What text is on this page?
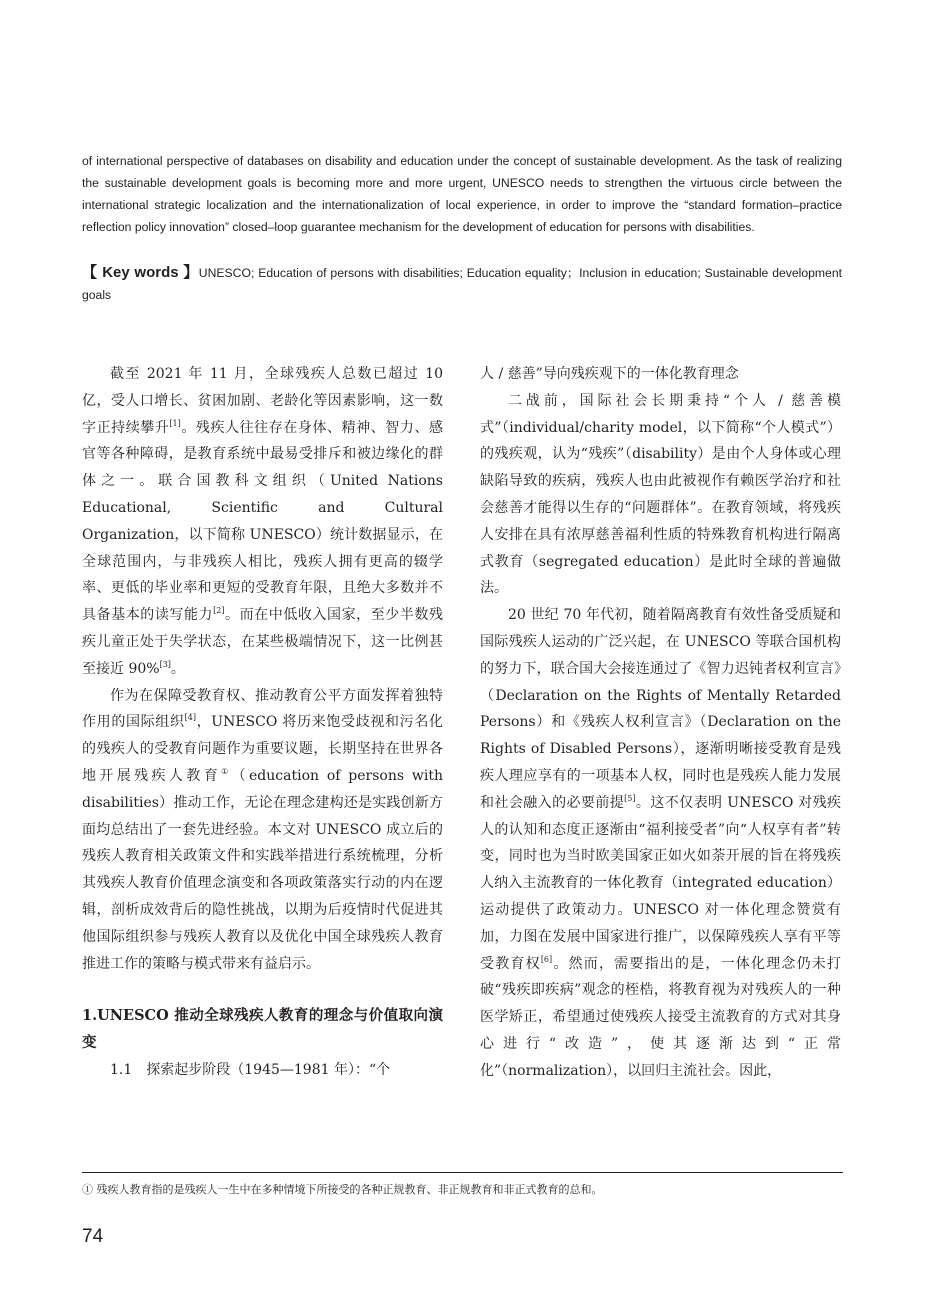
of international perspective of databases on disability and education under the concept of sustainable development. As the task of realizing the sustainable development goals is becoming more and more urgent, UNESCO needs to strengthen the virtuous circle between the international strategic localization and the internationalization of local experience, in order to improve the “standard formation–practice reflection policy innovation” closed–loop guarantee mechanism for the development of education for persons with disabilities.

【 Key words 】UNESCO; Education of persons with disabilities; Education equality；Inclusion in education; Sustainable development goals

截至 2021 年 11 月，全球残疾人总数已超过 10 亿，受人口增长、贫困加剧、老龄化等因素影响，这一数字正持续攀升[1]。残疾人往往存在身体、精神、智力、感官等各种障碍，是教育系统中最易受排斥和被边缘化的群体之一。联合国教科文组织（United Nations Educational, Scientific and Cultural Organization，以下简称 UNESCO）统计数据显示，在全球范围内，与非残疾人相比，残疾人拥有更高的辍学率、更低的毕业率和更短的受教育年限，且绝大多数并不具备基本的读写能力[2]。而在中低收入国家，至少半数残疾儿童正处于失学状态，在某些极端情况下，这一比例甚至接近 90%[3]。

作为在保障受教育权、推动教育公平方面发挥着独特作用的国际组织[4]，UNESCO 将历来饱受歧视和污名化的残疾人的受教育问题作为重要议题，长期坚持在世界各地开展残疾人教育①（education of persons with disabilities）推动工作，无论在理念建构还是实践创新方面均总结出了一套先进经验。本文对 UNESCO 成立后的残疾人教育相关政策文件和实践举措进行系统梳理，分析其残疾人教育价值理念演变和各项政策落实行动的内在逻辑，剖析成效背后的隐性挑战，以期为后疫情时代促进其他国际组织参与残疾人教育以及优化中国全球残疾人教育推进工作的策略与模式带来有益启示。

1.UNESCO 推动全球残疾人教育的理念与价值取向演变

1.1　探索起步阶段（1945—1981 年）：“个

人 / 慈善”导向残疾观下的一体化教育理念

二战前，国际社会长期秉持“个人 / 慈善模式”（individual/charity model，以下简称“个人模式”）的残疾观，认为“残疾”（disability）是由个人身体或心理缺陷导致的疾病，残疾人也由此被视作有赖医学治疗和社会慈善才能得以生存的“问题群体”。在教育领域，将残疾人安排在具有浓厚慈善福利性质的特殊教育机构进行隔离式教育（segregated education）是此时全球的普遍做法。

20 世纪 70 年代初，随着隔离教育有效性备受质疑和国际残疾人运动的广泛兴起，在 UNESCO 等联合国机构的努力下，联合国大会接连通过了《智力迟钝者权利宣言》（Declaration on the Rights of Mentally Retarded Persons）和《残疾人权利宣言》（Declaration on the Rights of Disabled Persons），逐渐明晰接受教育是残疾人理应享有的一项基本人权，同时也是残疾人能力发展和社会融入的必要前提[5]。这不仅表明 UNESCO 对残疾人的认知和态度正逐渐由“福利接受者”向“人权享有者”转变，同时也为当时欧美国家正如火如荼开展的旨在将残疾人纳入主流教育的一体化教育（integrated education）运动提供了政策动力。UNESCO 对一体化理念赞赏有加，力图在发展中国家进行推广，以保障残疾人享有平等受教育权[6]。然而，需要指出的是，一体化理念仍未打破“残疾即疾病”观念的桎梏，将教育视为对残疾人的一种医学矫正，希望通过使残疾人接受主流教育的方式对其身心进行“改造”，使其逐渐达到“正常化”（normalization），以回归主流社会。因此，

① 残疾人教育指的是残疾人一生中在多种情境下所接受的各种正规教育、非正规教育和非正式教育的总和。

74
